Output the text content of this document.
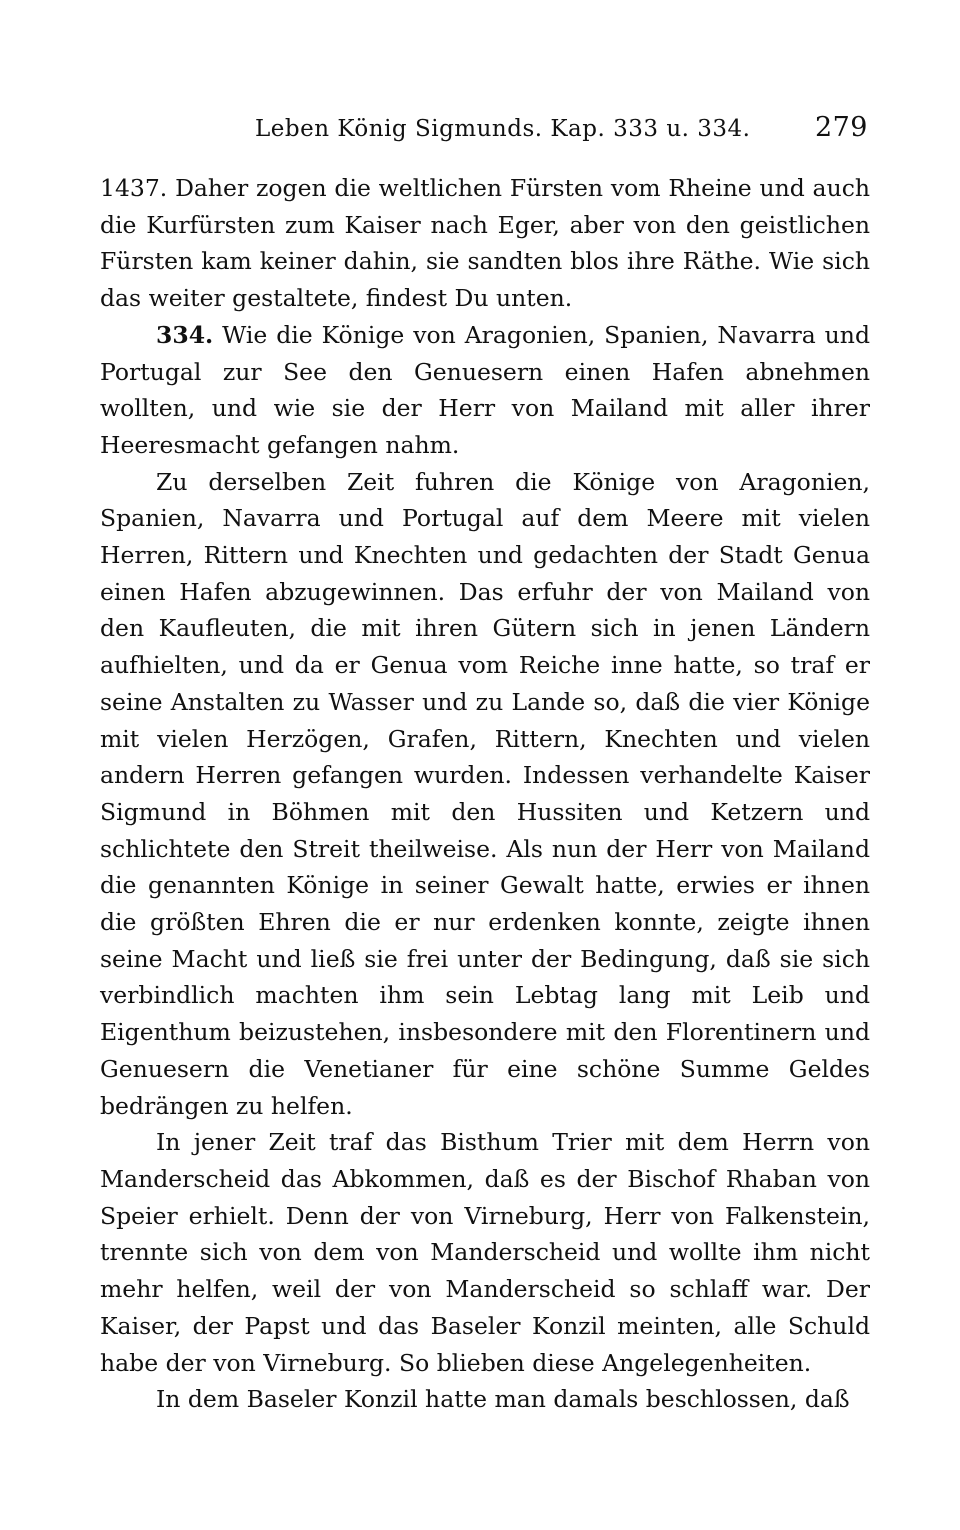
Leben König Sigmunds. Kap. 333 u. 334. 279

1437. Daher zogen die weltlichen Fürsten vom Rheine und auch die Kurfürsten zum Kaiser nach Eger, aber von den geistlichen Fürsten kam keiner dahin, sie sandten blos ihre Räthe. Wie sich das weiter gestaltete, findest Du unten.

334. Wie die Könige von Aragonien, Spanien, Navarra und Portugal zur See den Genuesern einen Hafen abnehmen wollten, und wie sie der Herr von Mailand mit aller ihrer Heeresmacht gefangen nahm.

Zu derselben Zeit fuhren die Könige von Aragonien, Spanien, Navarra und Portugal auf dem Meere mit vielen Herren, Rittern und Knechten und gedachten der Stadt Genua einen Hafen abzugewinnen. Das erfuhr der von Mailand von den Kaufleuten, die mit ihren Gütern sich in jenen Ländern aufhielten, und da er Genua vom Reiche inne hatte, so traf er seine Anstalten zu Wasser und zu Lande so, daß die vier Könige mit vielen Herzögen, Grafen, Rittern, Knechten und vielen andern Herren gefangen wurden. Indessen verhandelte Kaiser Sigmund in Böhmen mit den Hussiten und Ketzern und schlichtete den Streit theilweise. Als nun der Herr von Mailand die genannten Könige in seiner Gewalt hatte, erwies er ihnen die größten Ehren die er nur erdenken konnte, zeigte ihnen seine Macht und ließ sie frei unter der Bedingung, daß sie sich verbindlich machten ihm sein Lebtag lang mit Leib und Eigenthum beizustehen, insbesondere mit den Florentinern und Genuesern die Venetianer für eine schöne Summe Geldes bedrängen zu helfen.

In jener Zeit traf das Bisthum Trier mit dem Herrn von Manderscheid das Abkommen, daß es der Bischof Rhaban von Speier erhielt. Denn der von Virneburg, Herr von Falkenstein, trennte sich von dem von Manderscheid und wollte ihm nicht mehr helfen, weil der von Manderscheid so schlaff war. Der Kaiser, der Papst und das Baseler Konzil meinten, alle Schuld habe der von Virneburg. So blieben diese Angelegenheiten.

In dem Baseler Konzil hatte man damals beschlossen, daß
